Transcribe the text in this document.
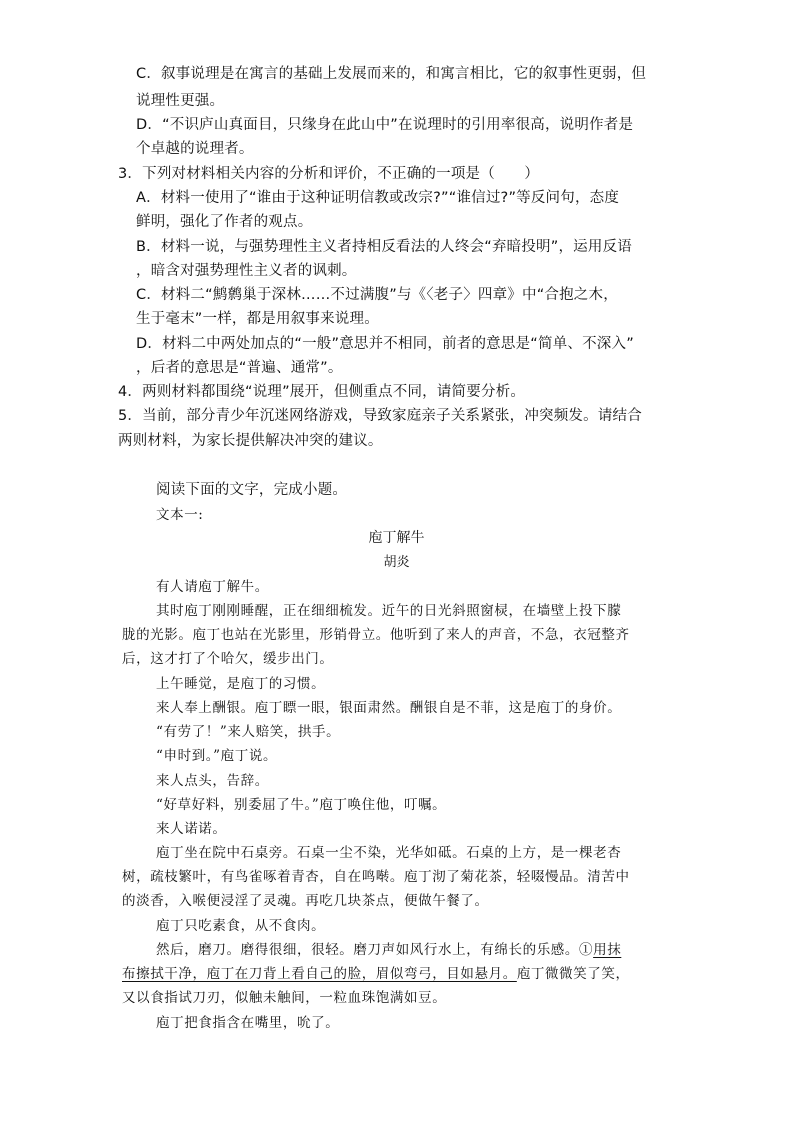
C．叙事说理是在寓言的基础上发展而来的，和寓言相比，它的叙事性更弱，但
说理性更强。
D．“不识庐山真面目，只缘身在此山中”在说理时的引用率很高，说明作者是
个卓越的说理者。
3．下列对材料相关内容的分析和评价，不正确的一项是（　　）
A．材料一使用了“谁由于这种证明信教或改宗?”“谁信过?”等反问句，态度
鲜明，强化了作者的观点。
B．材料一说，与强势理性主义者持相反看法的人终会“弃暗投明”，运用反语
，暗含对强势理性主义者的讽刺。
C．材料二“鹪鹩巢于深林……不过满腹”与《〈老子〉四章》中“合抱之木，
生于毫末”一样，都是用叙事来说理。
D．材料二中两处加点的“一般”意思并不相同，前者的意思是“简单、不深入”
，后者的意思是“普遍、通常”。
4．两则材料都围绕“说理”展开，但侧重点不同，请简要分析。
5．当前，部分青少年沉迷网络游戏，导致家庭亲子关系紧张，冲突频发。请结合
两则材料，为家长提供解决冲突的建议。
阅读下面的文字，完成小题。
文本一:
庖丁解牛
胡炎
有人请庖丁解牛。
其时庖丁刚刚睡醒，正在细细梳发。近午的日光斜照窗棂，在墙壁上投下朦
胧的光影。庖丁也站在光影里，形销骨立。他听到了来人的声音，不急，衣冠整齐
后，这才打了个哈欠，缓步出门。
上午睡觉，是庖丁的习惯。
来人奉上酬银。庖丁瞟一眼，银面肃然。酬银自是不菲，这是庖丁的身价。
“有劳了！”来人赔笑，拱手。
“申时到。”庖丁说。
来人点头，告辞。
“好草好料，别委屈了牛。”庖丁唤住他，叮嘱。
来人诺诺。
庖丁坐在院中石桌旁。石桌一尘不染，光华如砥。石桌的上方，是一棵老杏
树，疏枝繁叶，有鸟雀啄着青杏，自在鸣啭。庖丁沏了菊花茶，轻啜慢品。清苦中
的淡香，入喉便浸淫了灵魂。再吃几块茶点，便做午餐了。
庖丁只吃素食，从不食肉。
然后，磨刀。磨得很细，很轻。磨刀声如风行水上，有绵长的乐感。①用抹
布擦拭干净，庖丁在刀背上看自己的脸，眉似弯弓，目如悬月。庖丁微微笑了笑，
又以食指试刀刃，似触未触间，一粒血珠饱满如豆。
庖丁把食指含在嘴里，吮了。
